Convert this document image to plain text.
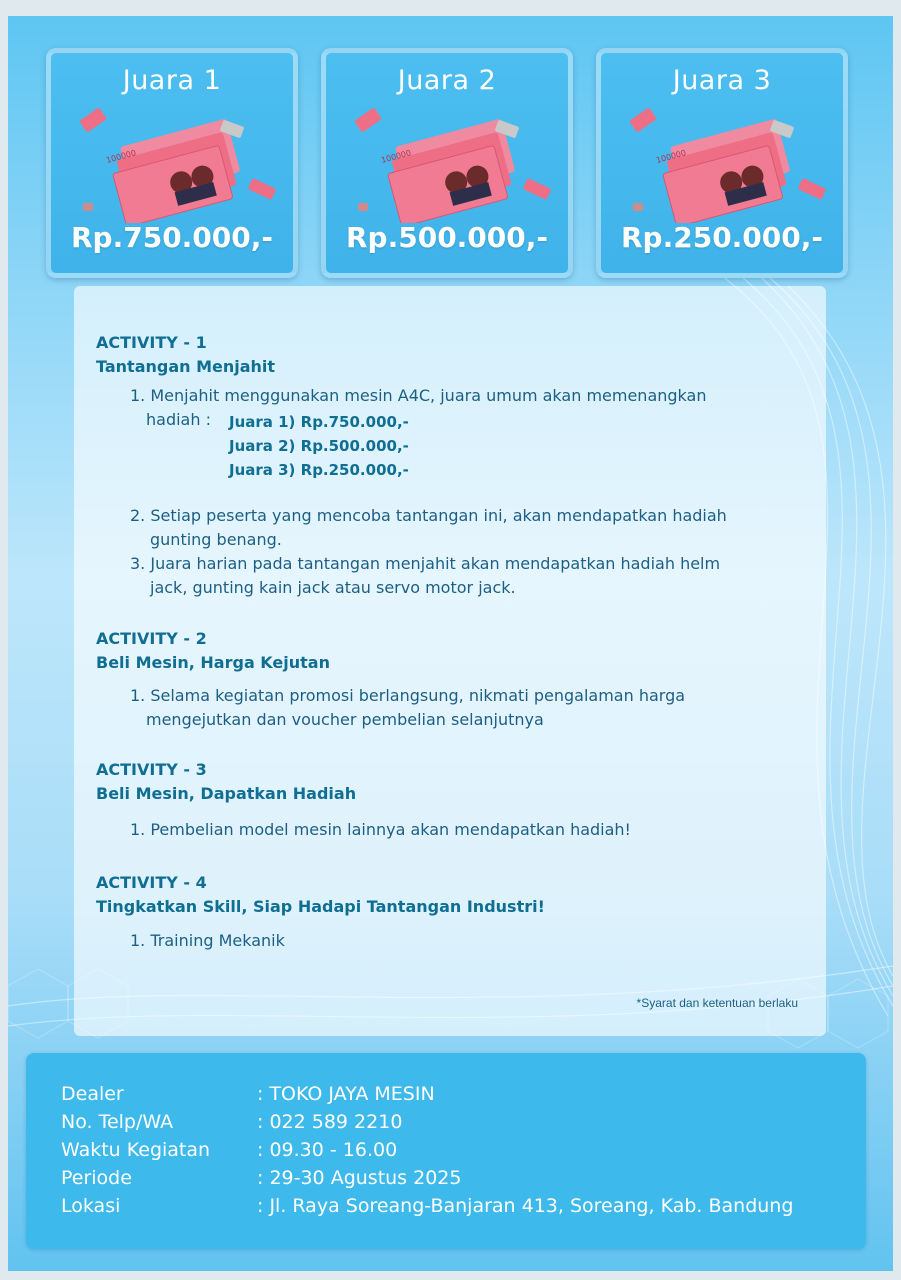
Juara 1
100000
Rp.750.000,-
Juara 2
100000
Rp.500.000,-
Juara 3
100000
Rp.250.000,-
ACTIVITY - 1
Tantangan Menjahit
1. Menjahit menggunakan mesin A4C, juara umum akan memenangkan
hadiah : Juara 1) Rp.750.000,-
Juara 2) Rp.500.000,-
Juara 3) Rp.250.000,-
2. Setiap peserta yang mencoba tantangan ini, akan mendapatkan hadiah
gunting benang.
3. Juara harian pada tantangan menjahit akan mendapatkan hadiah helm
jack, gunting kain jack atau servo motor jack.
ACTIVITY - 2
Beli Mesin, Harga Kejutan
1. Selama kegiatan promosi berlangsung, nikmati pengalaman harga
mengejutkan dan voucher pembelian selanjutnya
ACTIVITY - 3
Beli Mesin, Dapatkan Hadiah
1. Pembelian model mesin lainnya akan mendapatkan hadiah!
ACTIVITY - 4
Tingkatkan Skill, Siap Hadapi Tantangan Industri!
1. Training Mekanik
*Syarat dan ketentuan berlaku
Dealer	: TOKO JAYA MESIN
No. Telp/WA	: 022 589 2210
Waktu Kegiatan : 09.30 - 16.00
Periode	: 29-30 Agustus 2025
Lokasi	: Jl. Raya Soreang-Banjaran 413, Soreang, Kab. Bandung
